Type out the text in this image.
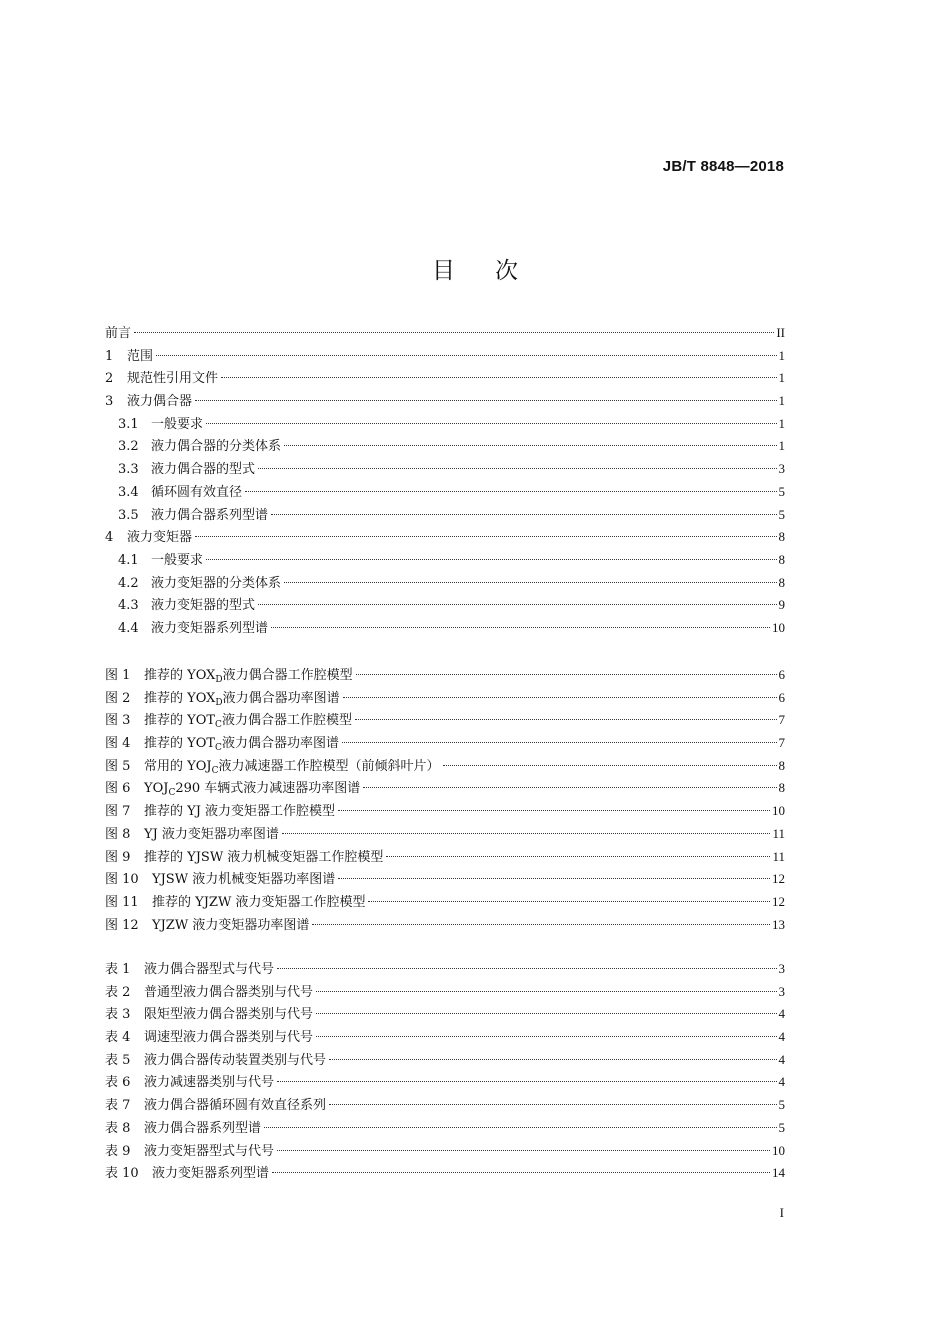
JB/T 8848—2018
目次
前言	II
1	范围	1
2	规范性引用文件	1
3	液力偶合器	1
3.1 一般要求	1
3.2 液力偶合器的分类体系	1
3.3 液力偶合器的型式	3
3.4 循环圆有效直径	5
3.5 液力偶合器系列型谱	5
4	液力变矩器	8
4.1 一般要求	8
4.2 液力变矩器的分类体系	8
4.3 液力变矩器的型式	9
4.4 液力变矩器系列型谱	10
图 1	推荐的 $YOX_D$液力偶合器工作腔模型	6
图 2	推荐的 $YOX_D$液力偶合器功率图谱	6
图 3	推荐的 $YOT_C$液力偶合器工作腔模型	7
图 4	推荐的 $YOT_C$液力偶合器功率图谱	7
图 5	常用的 $YOJ_C$液力减速器工作腔模型（前倾斜叶片）	8
图 6	$YOJ_C290$ 车辆式液力减速器功率图谱	8
图 7	推荐的 YJ 液力变矩器工作腔模型	10
图 8	YJ 液力变矩器功率图谱	11
图 9	推荐的 YJSW 液力机械变矩器工作腔模型	11
图 10	YJSW 液力机械变矩器功率图谱	12
图 11	推荐的 YJZW 液力变矩器工作腔模型	12
图 12	YJZW 液力变矩器功率图谱	13
表 1	液力偶合器型式与代号	3
表 2	普通型液力偶合器类别与代号	3
表 3	限矩型液力偶合器类别与代号	4
表 4	调速型液力偶合器类别与代号	4
表 5	液力偶合器传动装置类别与代号	4
表 6	液力减速器类别与代号	4
表 7	液力偶合器循环圆有效直径系列	5
表 8	液力偶合器系列型谱	5
表 9	液力变矩器型式与代号	10
表 10	液力变矩器系列型谱	14
I
